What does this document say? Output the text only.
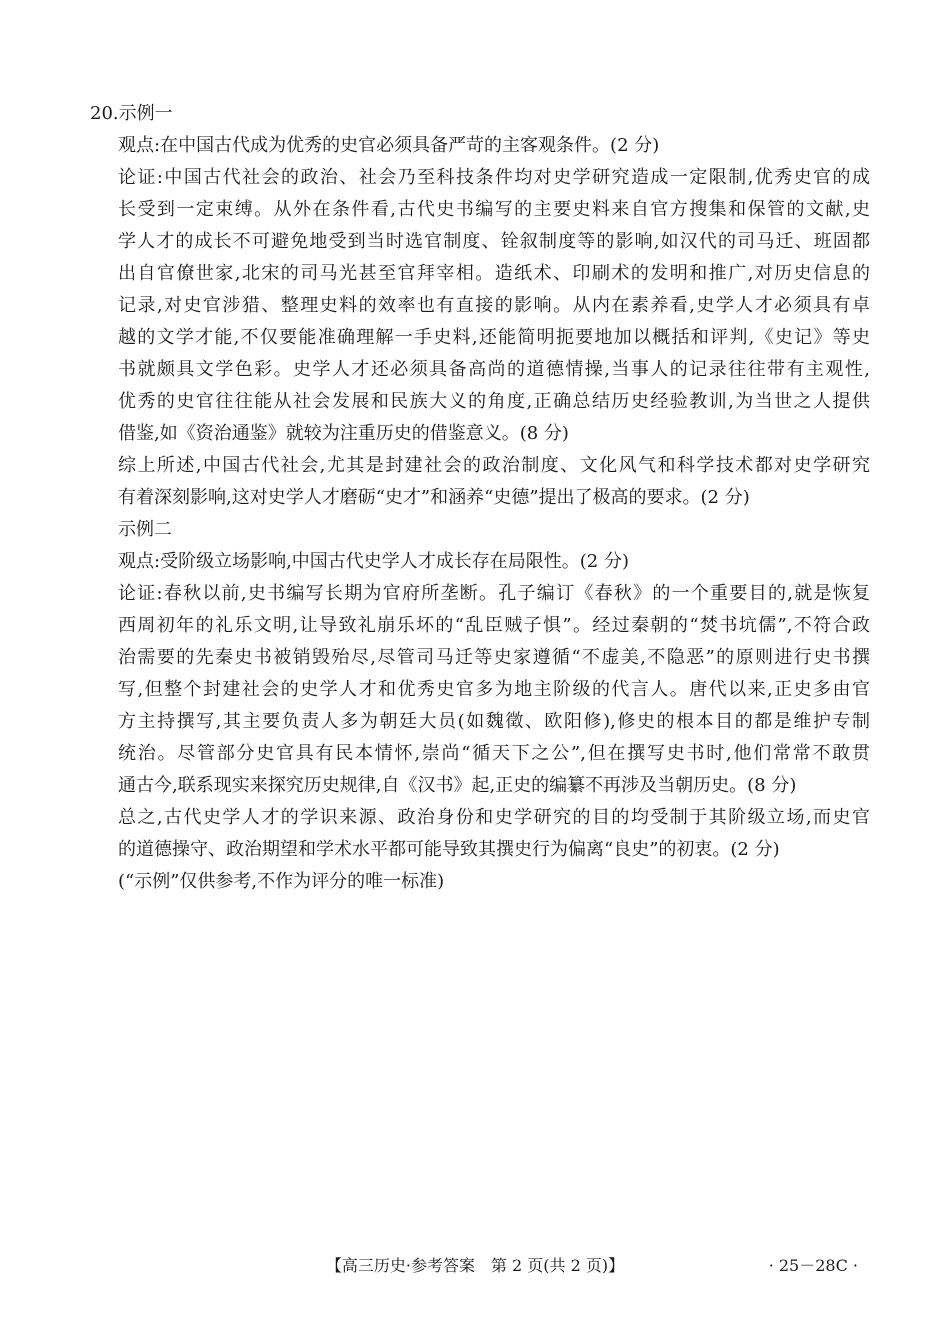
20.示例一
观点:在中国古代成为优秀的史官必须具备严苛的主客观条件。(2 分)
论证:中国古代社会的政治、社会乃至科技条件均对史学研究造成一定限制,优秀史官的成
长受到一定束缚。从外在条件看,古代史书编写的主要史料来自官方搜集和保管的文献,史
学人才的成长不可避免地受到当时选官制度、铨叙制度等的影响,如汉代的司马迁、班固都
出自官僚世家,北宋的司马光甚至官拜宰相。造纸术、印刷术的发明和推广,对历史信息的
记录,对史官涉猎、整理史料的效率也有直接的影响。从内在素养看,史学人才必须具有卓
越的文学才能,不仅要能准确理解一手史料,还能简明扼要地加以概括和评判,《史记》等史
书就颇具文学色彩。史学人才还必须具备高尚的道德情操,当事人的记录往往带有主观性,
优秀的史官往往能从社会发展和民族大义的角度,正确总结历史经验教训,为当世之人提供
借鉴,如《资治通鉴》就较为注重历史的借鉴意义。(8 分)
综上所述,中国古代社会,尤其是封建社会的政治制度、文化风气和科学技术都对史学研究
有着深刻影响,这对史学人才磨砺“史才”和涵养“史德”提出了极高的要求。(2 分)
示例二
观点:受阶级立场影响,中国古代史学人才成长存在局限性。(2 分)
论证:春秋以前,史书编写长期为官府所垄断。孔子编订《春秋》的一个重要目的,就是恢复
西周初年的礼乐文明,让导致礼崩乐坏的“乱臣贼子惧”。经过秦朝的“焚书坑儒”,不符合政
治需要的先秦史书被销毁殆尽,尽管司马迁等史家遵循“不虚美,不隐恶”的原则进行史书撰
写,但整个封建社会的史学人才和优秀史官多为地主阶级的代言人。唐代以来,正史多由官
方主持撰写,其主要负责人多为朝廷大员(如魏徵、欧阳修),修史的根本目的都是维护专制
统治。尽管部分史官具有民本情怀,崇尚“循天下之公”,但在撰写史书时,他们常常不敢贯
通古今,联系现实来探究历史规律,自《汉书》起,正史的编纂不再涉及当朝历史。(8 分)
总之,古代史学人才的学识来源、政治身份和史学研究的目的均受制于其阶级立场,而史官
的道德操守、政治期望和学术水平都可能导致其撰史行为偏离“良史”的初衷。(2 分)
(“示例”仅供参考,不作为评分的唯一标准)
【高三历史·参考答案　第 2 页(共 2 页)】	· 25－28C ·
